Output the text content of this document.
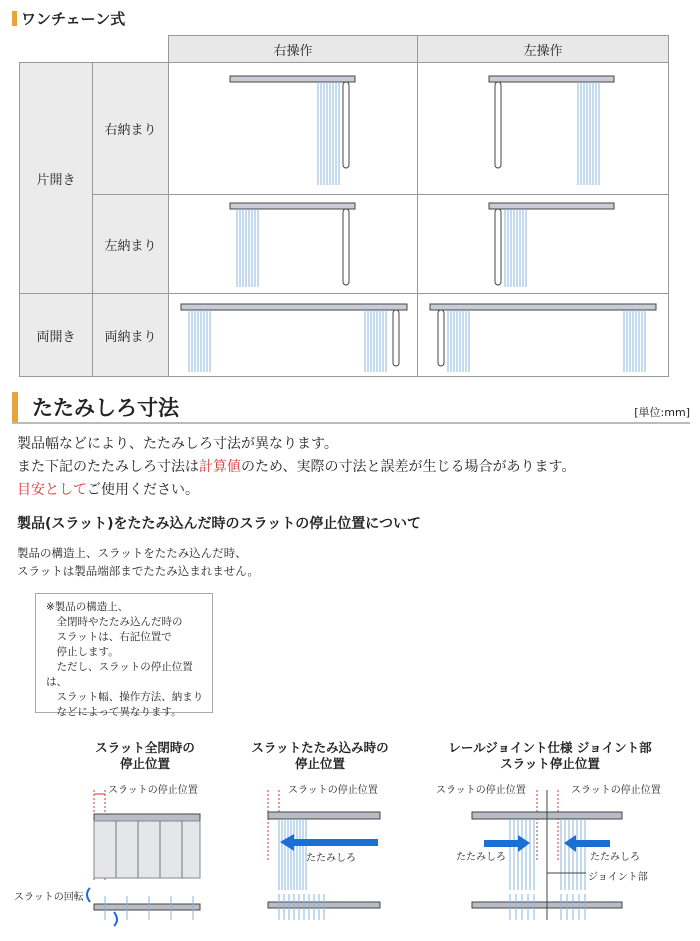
ワンチェーン式
		右操作	左操作
片開き	右納まり	

	左納まり	

両開き	両納まり	

たたみしろ寸法	[単位:mm]
製品幅などにより、たたみしろ寸法が異なります。
また下記のたたみしろ寸法は計算値のため、実際の寸法と誤差が生じる場合があります。
目安としてご使用ください。
製品(スラット)をたたみ込んだ時のスラットの停止位置について
製品の構造上、スラットをたたみ込んだ時、
スラットは製品端部までたたみ込まれません。
※製品の構造上、
　全閉時やたたみ込んだ時の
　スラットは、右記位置で
　停止します。
　ただし、スラットの停止位置は、
　スラット幅、操作方法、納まり
　などによって異なります。
スラット全閉時の
停止位置
スラットの停止位置
スラットの回転
スラットたたみ込み時の
停止位置
スラットの停止位置
たたみしろ
レールジョイント仕様 ジョイント部
スラット停止位置
スラットの停止位置	スラットの停止位置
たたみしろ	たたみしろ
ジョイント部
